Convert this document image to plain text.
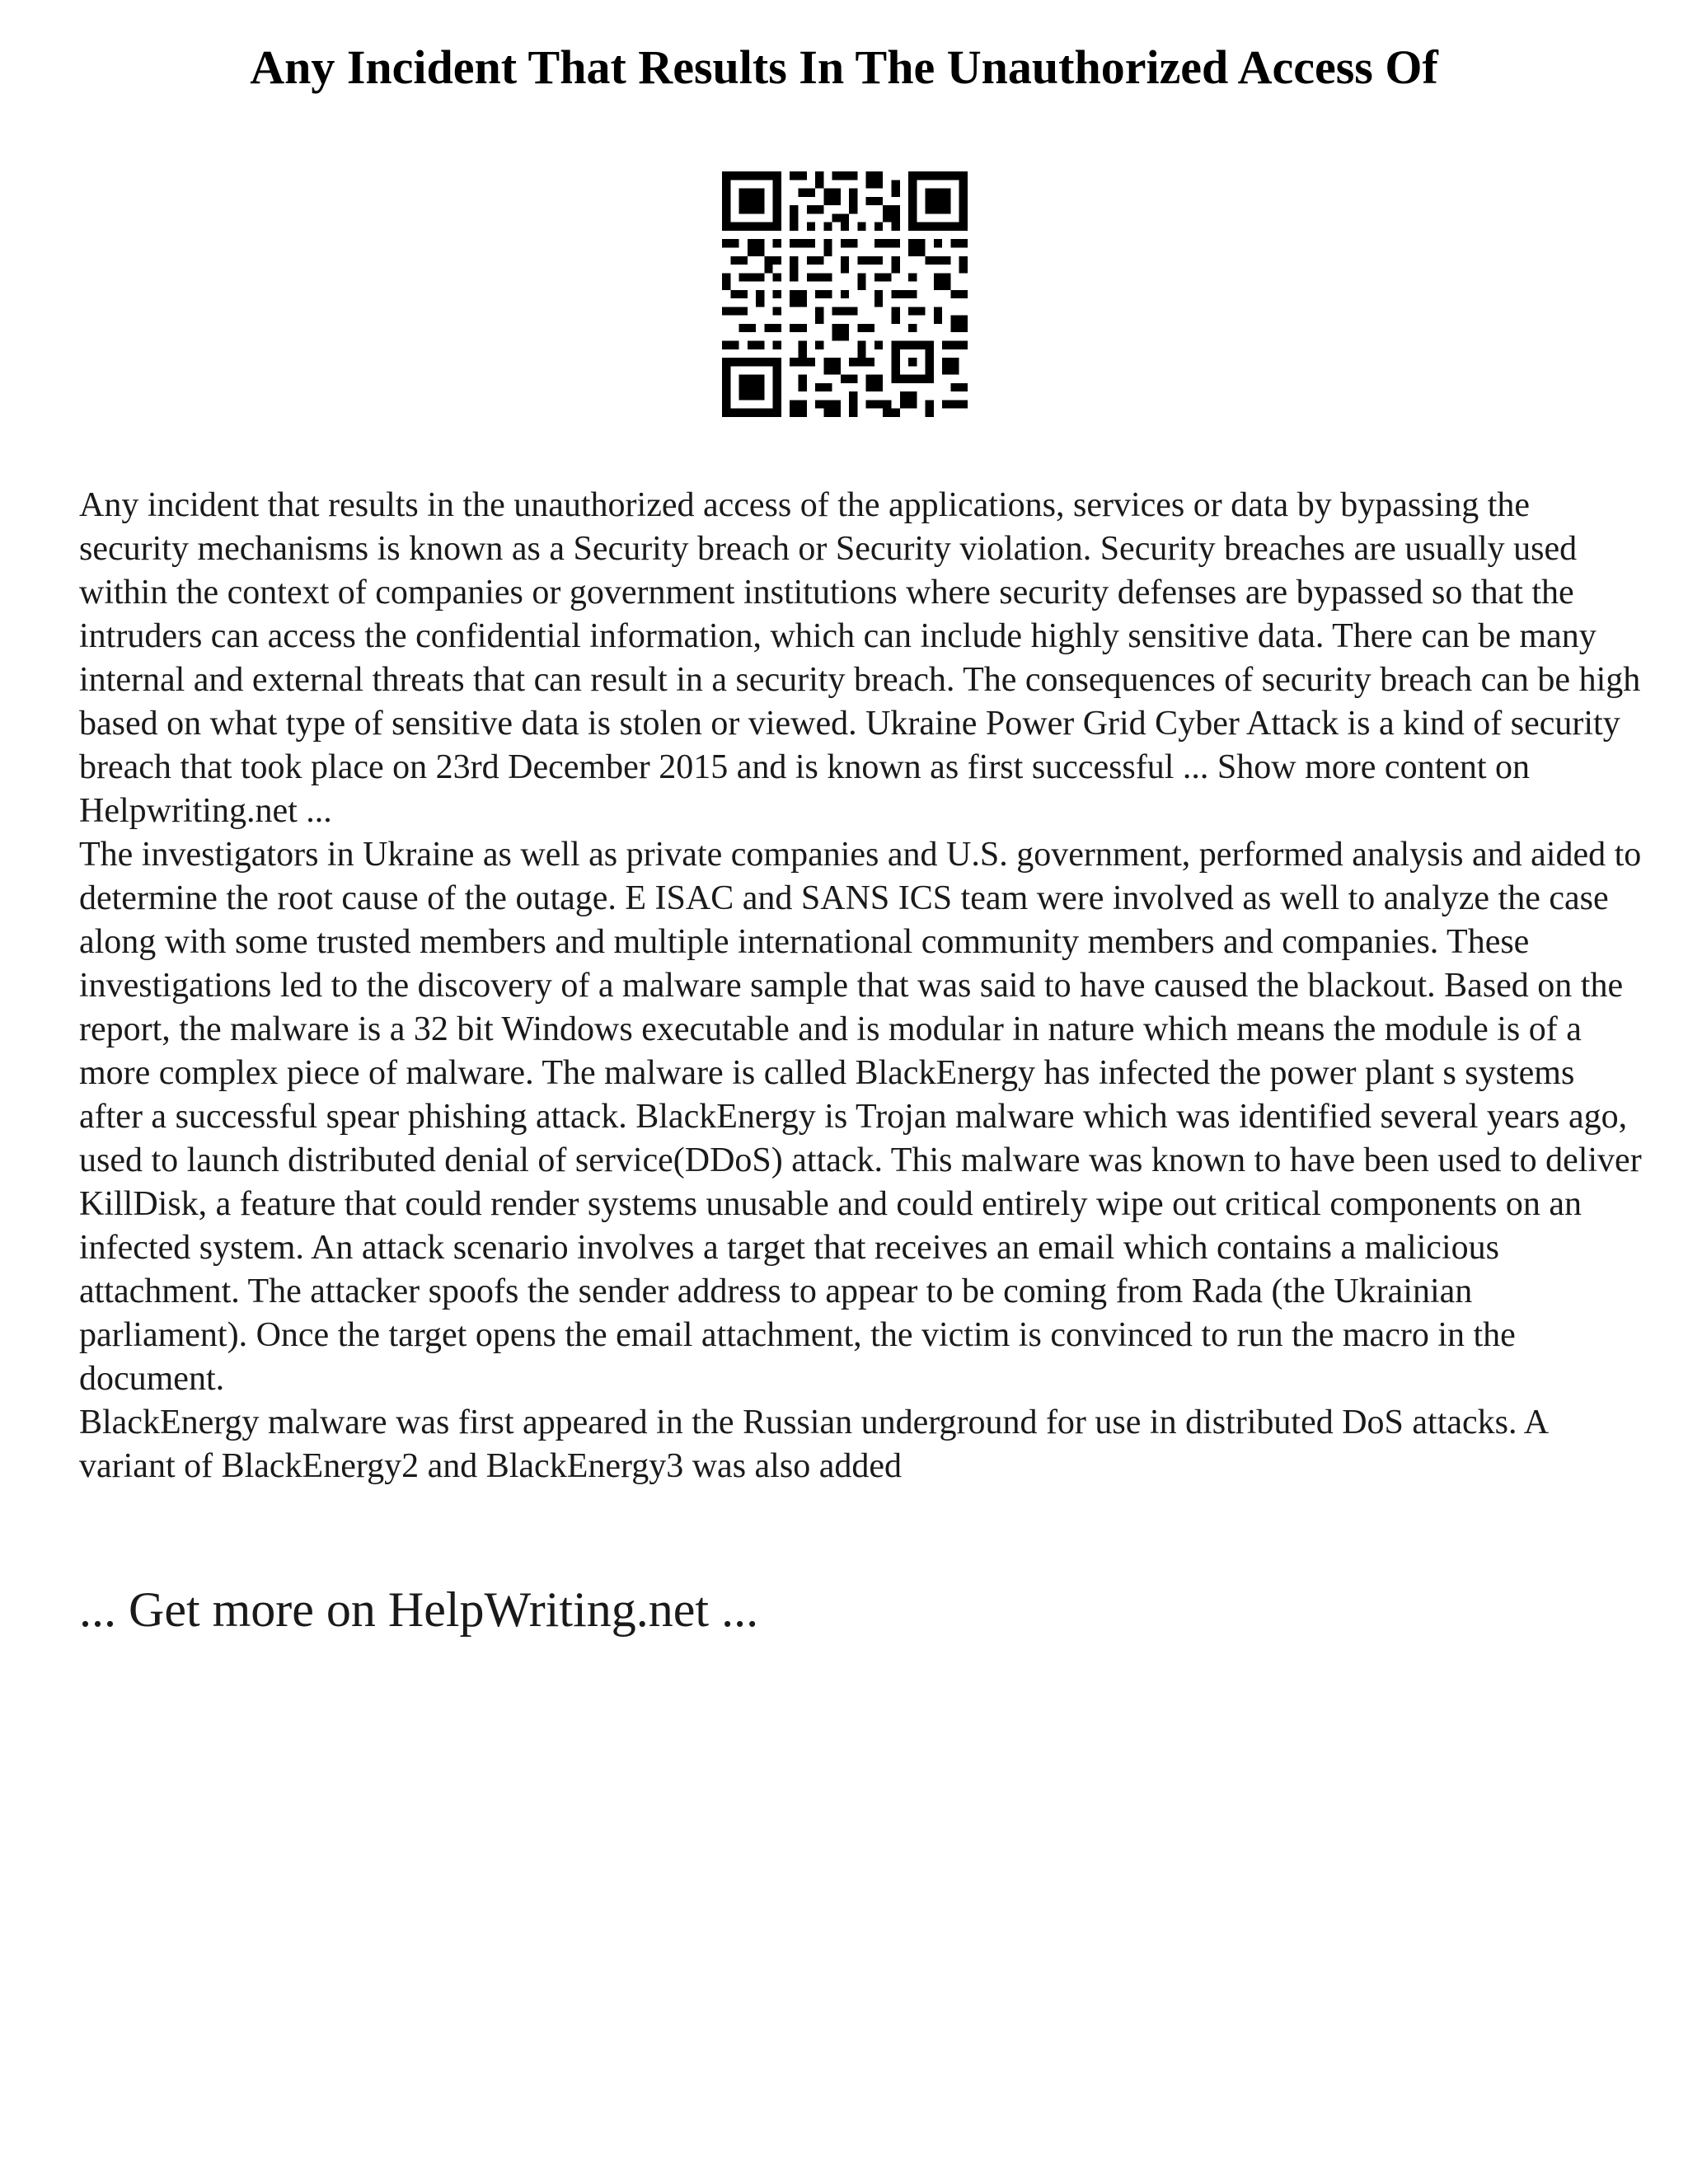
Any Incident That Results In The Unauthorized Access Of

Any incident that results in the unauthorized access of the applications, services or data by bypassing the security mechanisms is known as a Security breach or Security violation. Security breaches are usually used within the context of companies or government institutions where security defenses are bypassed so that the intruders can access the confidential information, which can include highly sensitive data. There can be many internal and external threats that can result in a security breach. The consequences of security breach can be high based on what type of sensitive data is stolen or viewed. Ukraine Power Grid Cyber Attack is a kind of security breach that took place on 23rd December 2015 and is known as first successful ... Show more content on Helpwriting.net ...

The investigators in Ukraine as well as private companies and U.S. government, performed analysis and aided to determine the root cause of the outage. E ISAC and SANS ICS team were involved as well to analyze the case along with some trusted members and multiple international community members and companies. These investigations led to the discovery of a malware sample that was said to have caused the blackout. Based on the report, the malware is a 32 bit Windows executable and is modular in nature which means the module is of a more complex piece of malware. The malware is called BlackEnergy has infected the power plant s systems after a successful spear phishing attack. BlackEnergy is Trojan malware which was identified several years ago, used to launch distributed denial of service(DDoS) attack. This malware was known to have been used to deliver KillDisk, a feature that could render systems unusable and could entirely wipe out critical components on an infected system. An attack scenario involves a target that receives an email which contains a malicious attachment. The attacker spoofs the sender address to appear to be coming from Rada (the Ukrainian parliament). Once the target opens the email attachment, the victim is convinced to run the macro in the document.

BlackEnergy malware was first appeared in the Russian underground for use in distributed DoS attacks. A variant of BlackEnergy2 and BlackEnergy3 was also added

... Get more on HelpWriting.net ...
